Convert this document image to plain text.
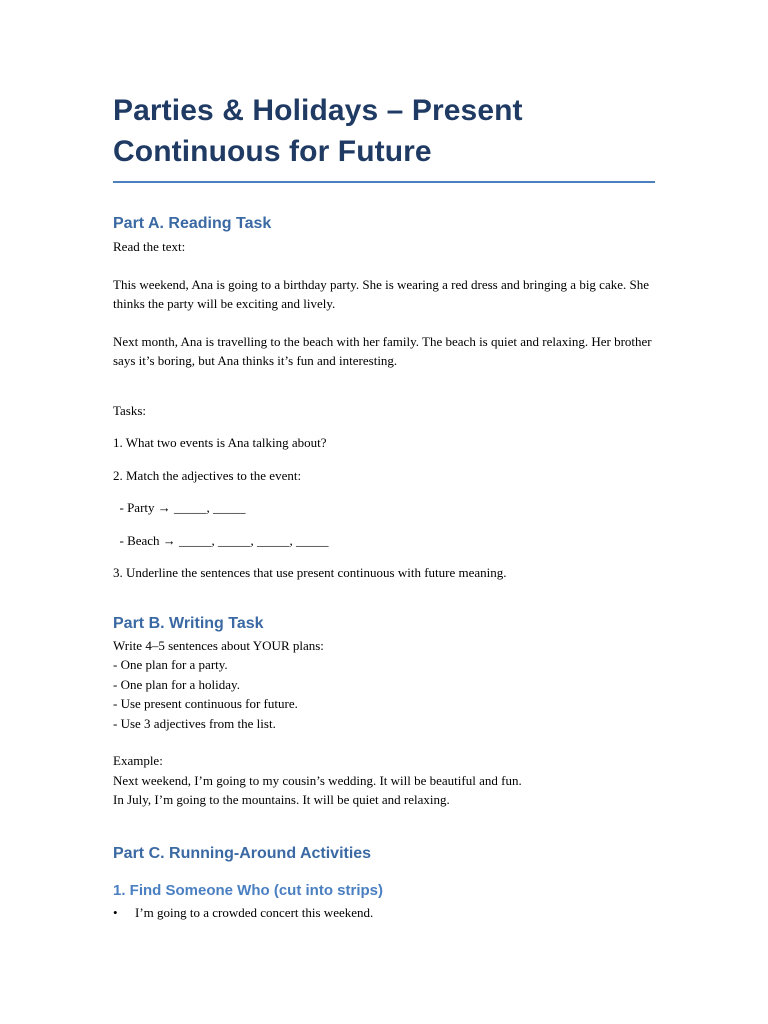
Parties & Holidays – Present Continuous for Future
Part A. Reading Task

Read the text:

This weekend, Ana is going to a birthday party. She is wearing a red dress and bringing a big cake. She thinks the party will be exciting and lively.

Next month, Ana is travelling to the beach with her family. The beach is quiet and relaxing. Her brother says it’s boring, but Ana thinks it’s fun and interesting.

Tasks:

1. What two events is Ana talking about?

2. Match the adjectives to the event:

- Party → _____, _____

- Beach → _____, _____, _____, _____

3. Underline the sentences that use present continuous with future meaning.

Part B. Writing Task

Write 4–5 sentences about YOUR plans:

- One plan for a party.

- One plan for a holiday.

- Use present continuous for future.

- Use 3 adjectives from the list.

Example:

Next weekend, I’m going to my cousin’s wedding. It will be beautiful and fun.

In July, I’m going to the mountains. It will be quiet and relaxing.

Part C. Running-Around Activities
1. Find Someone Who (cut into strips)
•	I’m going to a crowded concert this weekend.
